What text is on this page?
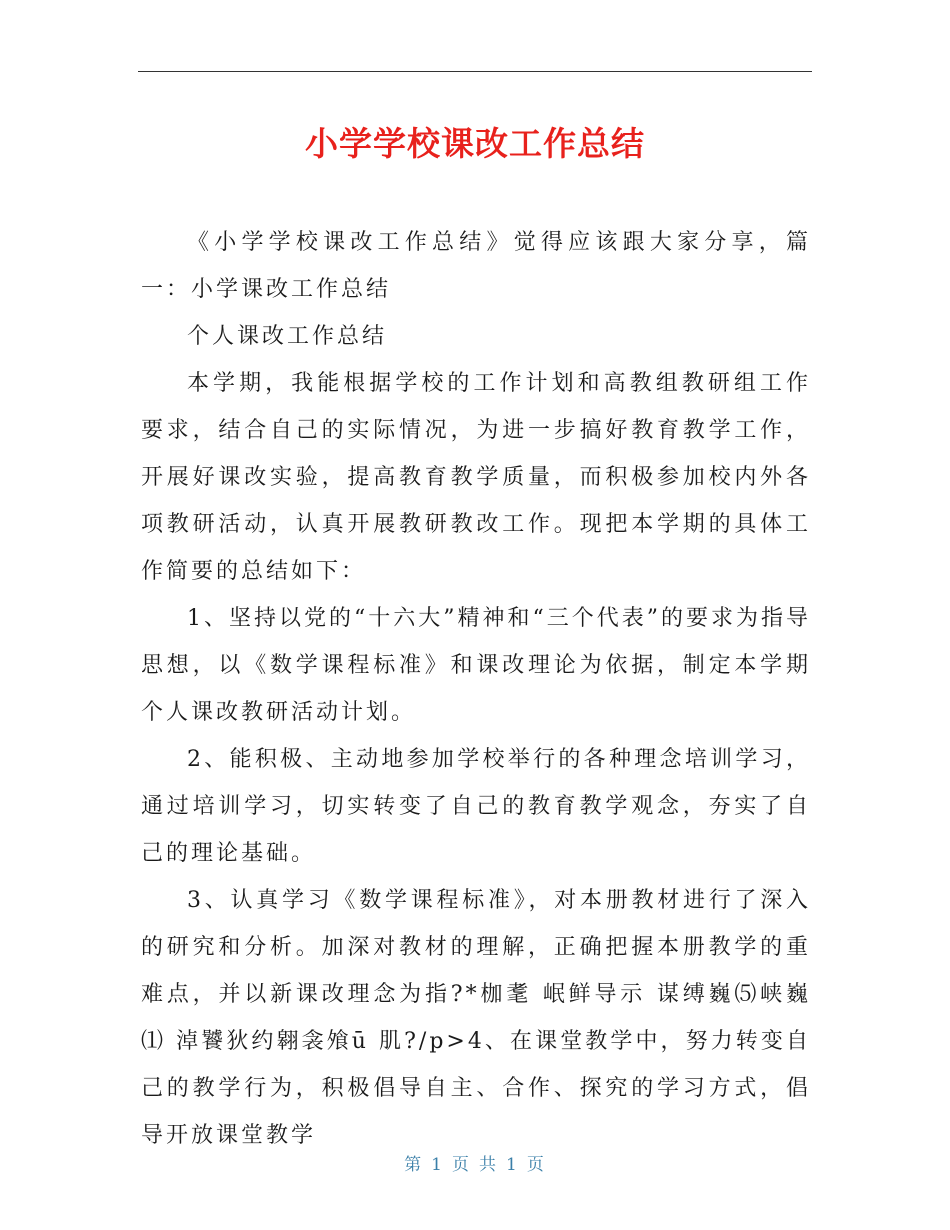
小学学校课改工作总结

《小学学校课改工作总结》觉得应该跟大家分享，篇一：小学课改工作总结

个人课改工作总结

本学期，我能根据学校的工作计划和高教组教研组工作要求，结合自己的实际情况，为进一步搞好教育教学工作，开展好课改实验，提高教育教学质量，而积极参加校内外各项教研活动，认真开展教研教改工作。现把本学期的具体工作简要的总结如下：

1、坚持以党的“十六大”精神和“三个代表”的要求为指导思想，以《数学课程标准》和课改理论为依据，制定本学期个人课改教研活动计划。

2、能积极、主动地参加学校举行的各种理念培训学习，通过培训学习，切实转变了自己的教育教学观念，夯实了自己的理论基础。

3、认真学习《数学课程标准》，对本册教材进行了深入的研究和分析。加深对教材的理解，正确把握本册教学的重难点，并以新课改理念为指?*枷耄 岷鲜导示 谋缚巍⑸峡巍⑴ 淖饕狄约翱衾飧ū 肌?/p>4、在课堂教学中，努力转变自己的教学行为，积极倡导自主、合作、探究的学习方式，倡导开放课堂教学

第 1 页 共 1 页
